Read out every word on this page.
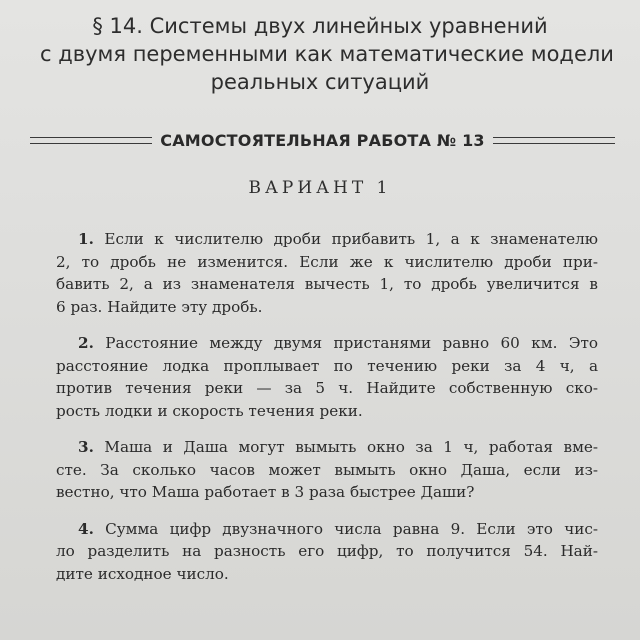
§ 14. Системы двух линейных уравнений
с двумя переменными как математические модели
реальных ситуаций
САМОСТОЯТЕЛЬНАЯ РАБОТА № 13
ВАРИАНТ 1
1. Если к числителю дроби прибавить 1, а к знаменателю
2, то дробь не изменится. Если же к числителю дроби при-
бавить 2, а из знаменателя вычесть 1, то дробь увеличится в
6 раз. Найдите эту дробь.
2. Расстояние между двумя пристанями равно 60 км. Это
расстояние лодка проплывает по течению реки за 4 ч, а
против течения реки — за 5 ч. Найдите собственную ско-
рость лодки и скорость течения реки.
3. Маша и Даша могут вымыть окно за 1 ч, работая вме-
сте. За сколько часов может вымыть окно Даша, если из-
вестно, что Маша работает в 3 раза быстрее Даши?
4. Сумма цифр двузначного числа равна 9. Если это чис-
ло разделить на разность его цифр, то получится 54. Най-
дите исходное число.
